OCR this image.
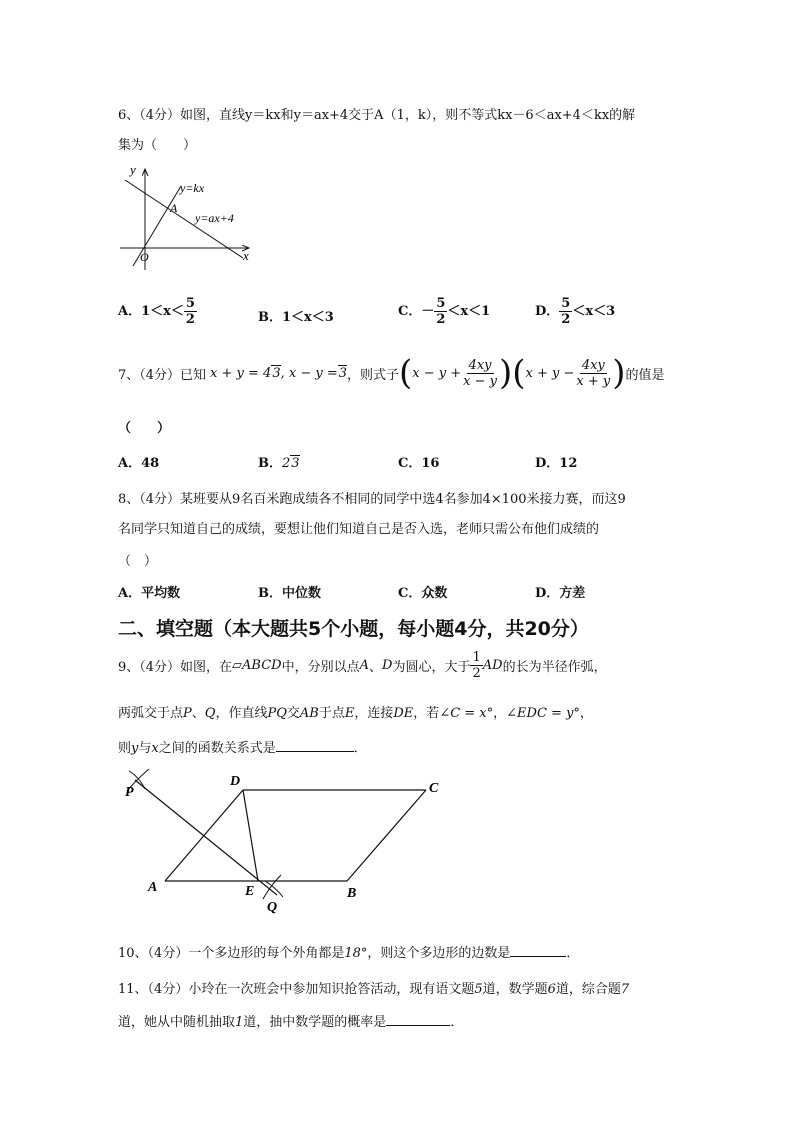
6、（4分）如图，直线y＝kx和y＝ax+4交于A（1，k），则不等式kx－6＜ax+4＜kx的解
集为（　　）
y
x
O
A
y=kx
y=ax+4
A．$1<x< \frac{5}{2}$	B．1＜x＜3	C．－ $\frac{5}{2} <x<1$	D． $\frac{5}{2} <x<3$
7、（4分）已知 x + y = 4 3 , x − y = 3 ，则式子 ( $x - y + \frac{4xy}{x - y}$ ) ( $x + y - \frac{4xy}{x + y}$ ) 的值是
（　　）
A．48	B．23	C．16	D．12
8、（4分）某班要从9名百米跑成绩各不相同的同学中选4名参加4×100米接力赛，而这9
名同学只知道自己的成绩，要想让他们知道自己是否入选，老师只需公布他们成绩的
（　）
A．平均数	B．中位数	C．众数	D．方差
二、填空题（本大题共5个小题，每小题4分，共20分）
9、（4分）如图，在 ▱ABCD 中，分别以点 A 、 D 为圆心，大于 $\frac{1}{2}$ AD 的长为半径作弧，
两弧交于点P、Q，作直线PQ交AB于点E，连接DE，若∠C = x°，∠EDC = y°，
则y与x之间的函数关系式是	．
P
D	C
A	E	B
Q
10、（4分）一个多边形的每个外角都是18°，则这个多边形的边数是	．
11、（4分）小玲在一次班会中参加知识抢答活动，现有语文题5道，数学题6道，综合题7
道，她从中随机抽取1道，抽中数学题的概率是	．
